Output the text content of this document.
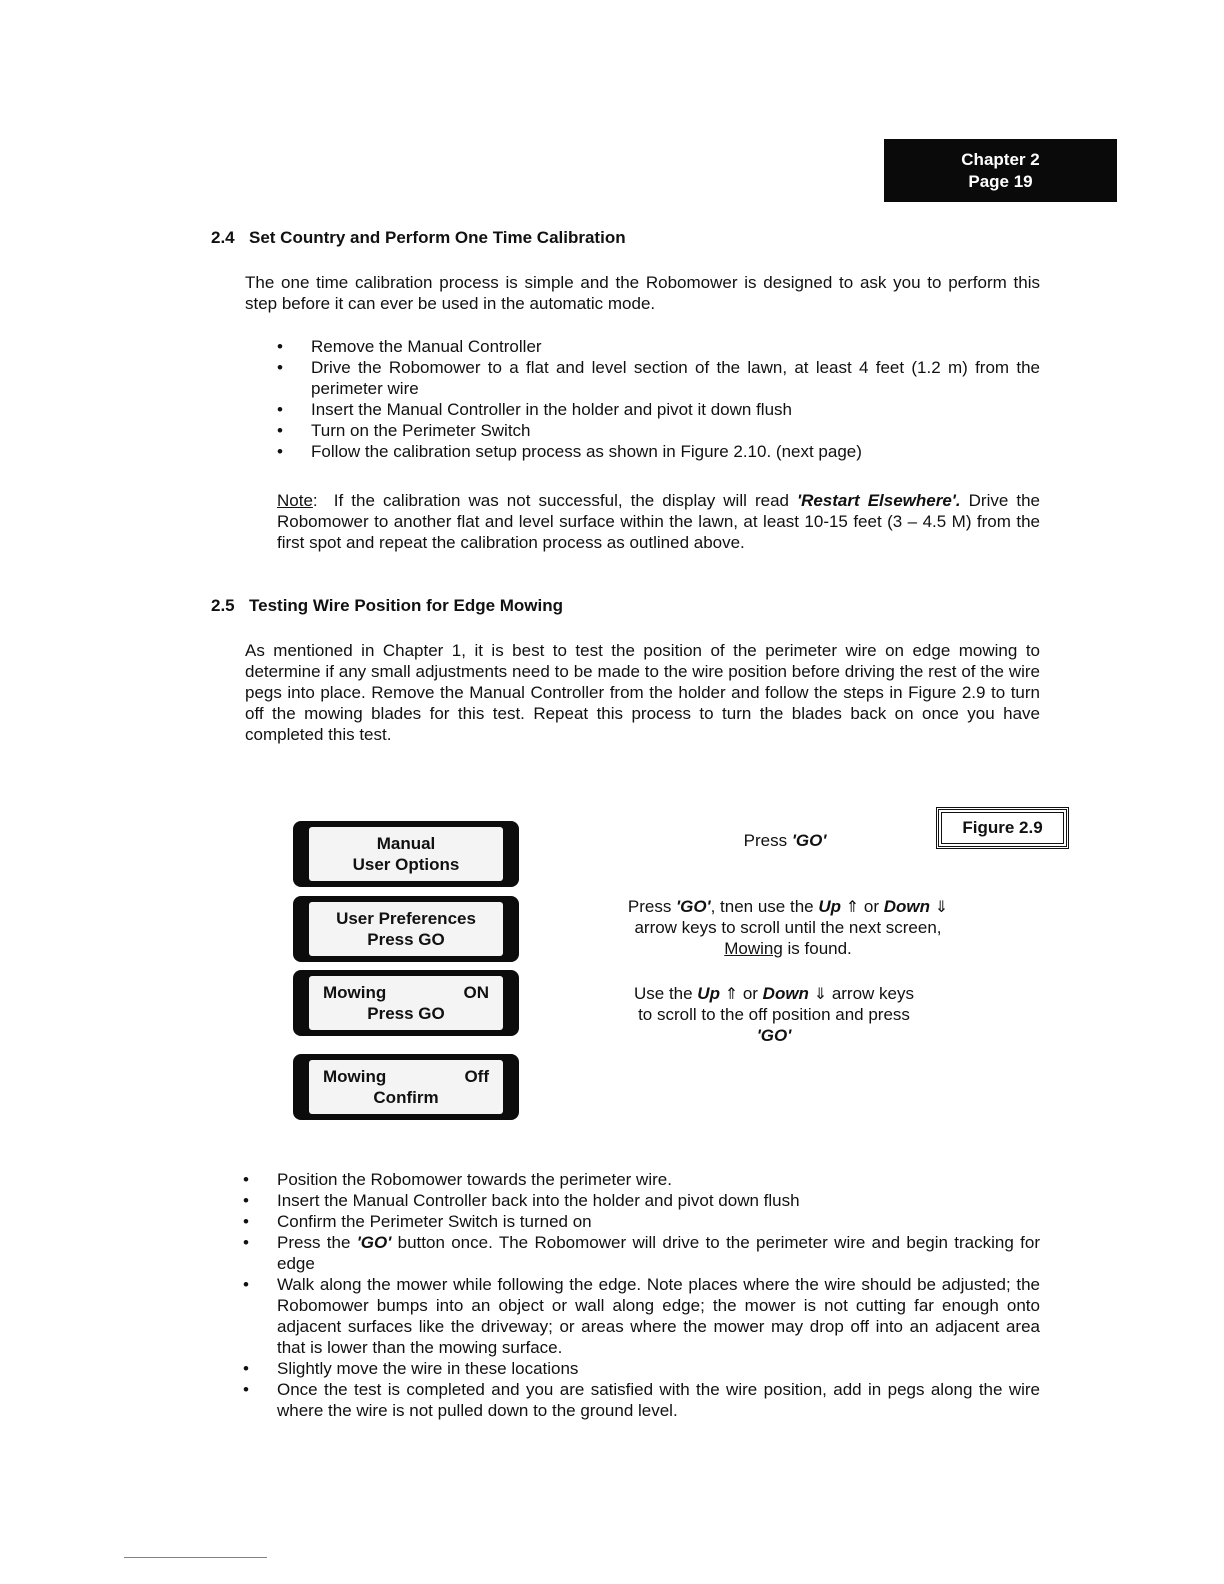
Chapter 2
Page 19
2.4 Set Country and Perform One Time Calibration
The one time calibration process is simple and the Robomower is designed to ask you to perform this step before it can ever be used in the automatic mode.
•	Remove the Manual Controller
•	Drive the Robomower to a flat and level section of the lawn, at least 4 feet (1.2 m) from the perimeter wire
•	Insert the Manual Controller in the holder and pivot it down flush
•	Turn on the Perimeter Switch
•	Follow the calibration setup process as shown in Figure 2.10. (next page)
Note:  If the calibration was not successful, the display will read 'Restart Elsewhere'. Drive the Robomower to another flat and level surface within the lawn, at least 10-15 feet (3 – 4.5 M) from the first spot and repeat the calibration process as outlined above.
2.5 Testing Wire Position for Edge Mowing
As mentioned in Chapter 1, it is best to test the position of the perimeter wire on edge mowing to determine if any small adjustments need to be made to the wire position before driving the rest of the wire pegs into place. Remove the Manual Controller from the holder and follow the steps in Figure 2.9 to turn off the mowing blades for this test. Repeat this process to turn the blades back on once you have completed this test.
Manual
User Options
User Preferences
Press GO
Mowing	ON
Press GO
Mowing	Off
Confirm
Figure 2.9
Press 'GO'
Press 'GO', tnen use the Up ⇑ or Down ⇓
arrow keys to scroll until the next screen,
Mowing is found.
Use the Up ⇑ or Down ⇓ arrow keys
to scroll to the off position and press
'GO'
•	Position the Robomower towards the perimeter wire.
•	Insert the Manual Controller back into the holder and pivot down flush
•	Confirm the Perimeter Switch is turned on
•	Press the 'GO' button once. The Robomower will drive to the perimeter wire and begin tracking for edge
•	Walk along the mower while following the edge. Note places where the wire should be adjusted; the Robomower bumps into an object or wall along edge; the mower is not cutting far enough onto adjacent surfaces like the driveway; or areas where the mower may drop off into an adjacent area that is lower than the mowing surface.
•	Slightly move the wire in these locations
•	Once the test is completed and you are satisfied with the wire position, add in pegs along the wire where the wire is not pulled down to the ground level.
